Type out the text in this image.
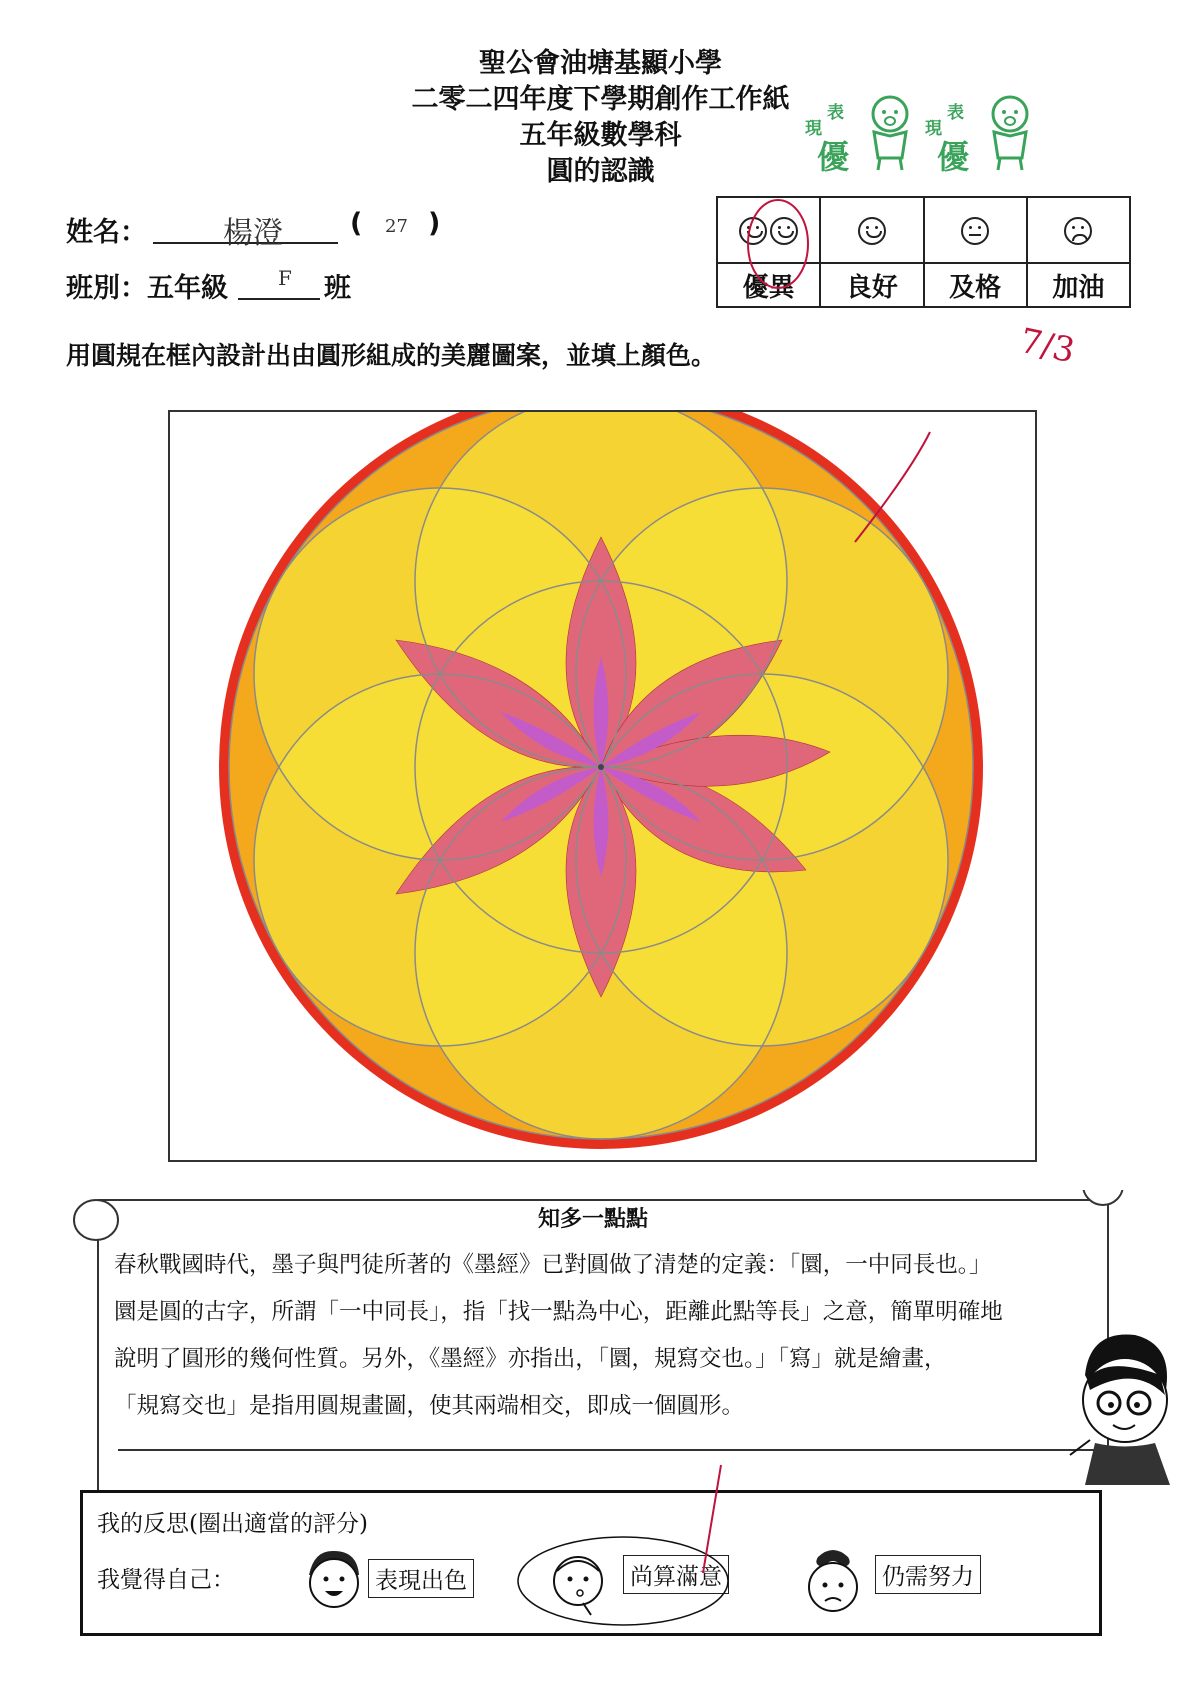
聖公會油塘基顯小學
二零二四年度下學期創作工作紙
五年級數學科
圓的認識
現
表
優
現
表
優
姓名：	楊澄 ( 27 )
班別：五年級	F 班

		優異	良好	及格	加油
用圓規在框內設計出由圓形組成的美麗圖案，並填上顏色。	7/3
知多一點點
春秋戰國時代，墨子與門徒所著的《墨經》已對圓做了清楚的定義：「圜，一中同長也。」
圜是圓的古字，所謂「一中同長」，指「找一點為中心，距離此點等長」之意，簡單明確地
說明了圓形的幾何性質。另外，《墨經》亦指出，「圜，規寫交也。」「寫」就是繪畫，
「規寫交也」是指用圓規畫圖，使其兩端相交，即成一個圓形。
我的反思(圈出適當的評分)
我覺得自己：	表現出色	尚算滿意	仍需努力
